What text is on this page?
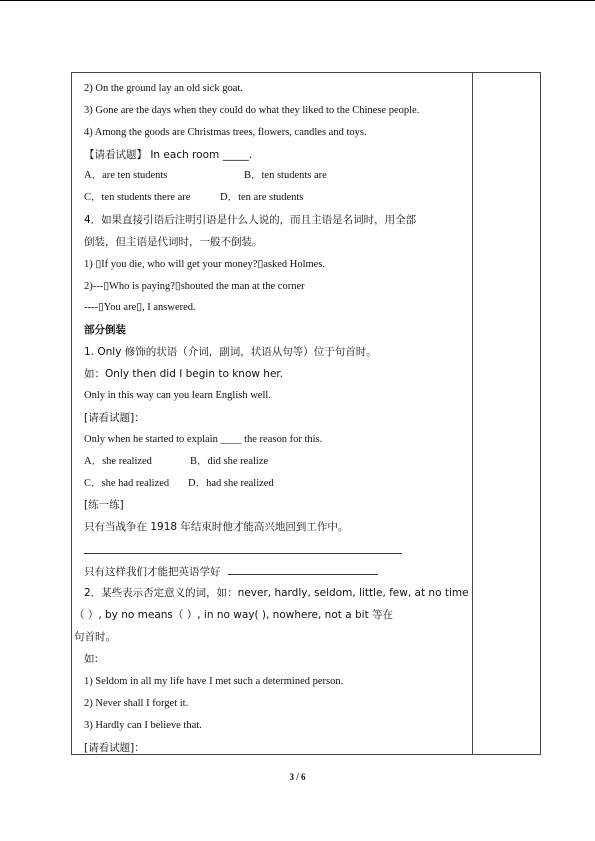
2) On the ground lay an old sick goat.
3) Gone are the days when they could do what they liked to the Chinese people.
4) Among the goods are Christmas trees, flowers, candles and toys.
【请看试题】 In each room _____.
A．are ten students	B．ten students are
C．ten students there are	D．ten are students
4．如果直接引语后注明引语是什么人说的，而且主语是名词时，用全部
倒装，但主语是代词时，一般不倒装。
1) ▯If you die, who will get your money?▯asked Holmes.
2)---▯Who is paying?▯shouted the man at the corner
----▯You are▯, I answered.
部分倒装
1. Only 修饰的状语（介词，副词，状语从句等）位于句首时。
如：Only then did I begin to know her.
Only in this way can you learn English well.
[请看试题]：
Only when he started to explain ____ the reason for this.
A．she realized	B．did she realize
C．she had realized D．had she realized
[练一练]
只有当战争在 1918 年结束时他才能高兴地回到工作中。
只有这样我们才能把英语学好
2．某些表示否定意义的词，如：never, hardly, seldom, little, few, at no time
（ ）, by no means（ ）, in no way( ), nowhere, not a bit 等在
句首时。
如:
1) Seldom in all my life have I met such a determined person.
2) Never shall I forget it.
3) Hardly can I believe that.
[请看试题]：
3 / 6
